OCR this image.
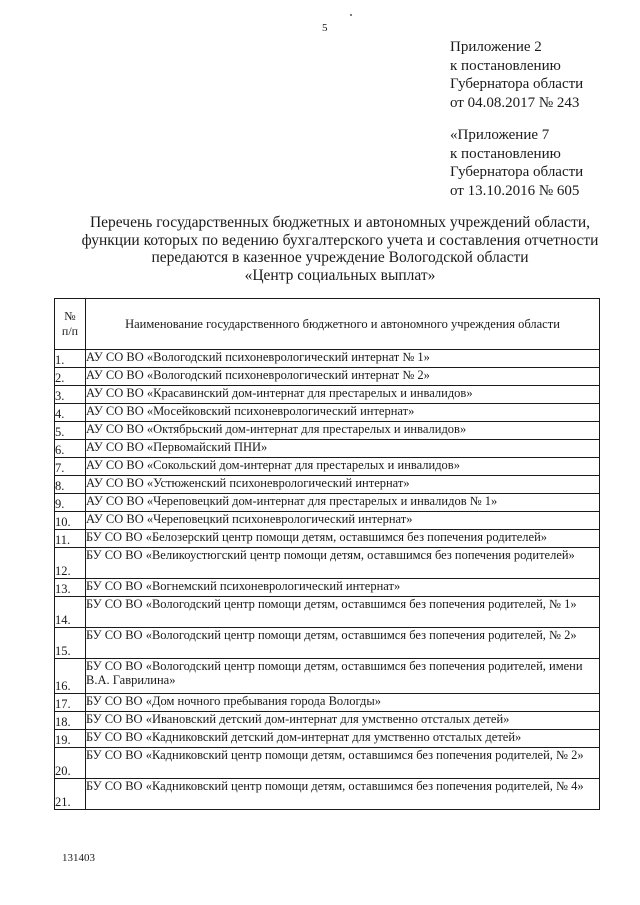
5
Приложение 2
к постановлению
Губернатора области
от 04.08.2017 № 243
«Приложение 7
к постановлению
Губернатора области
от 13.10.2016 № 605
Перечень государственных бюджетных и автономных учреждений области,
функции которых по ведению бухгалтерского учета и составления отчетности
передаются в казенное учреждение Вологодской области
«Центр социальных выплат»
№
п/п	Наименование государственного бюджетного и автономного учреждения области
1.	АУ СО ВО «Вологодский психоневрологический интернат № 1»
2.	АУ СО ВО «Вологодский психоневрологический интернат № 2»
3.	АУ СО ВО «Красавинский дом-интернат для престарелых и инвалидов»
4.	АУ СО ВО «Мосейковский психоневрологический интернат»
5.	АУ СО ВО «Октябрьский дом-интернат для престарелых и инвалидов»
6.	АУ СО ВО «Первомайский ПНИ»
7.	АУ СО ВО «Сокольский дом-интернат для престарелых и инвалидов»
8.	АУ СО ВО «Устюженский психоневрологический интернат»
9.	АУ СО ВО «Череповецкий дом-интернат для престарелых и инвалидов № 1»
10.	АУ СО ВО «Череповецкий психоневрологический интернат»
11.	БУ СО ВО «Белозерский центр помощи детям, оставшимся без попечения родителей»
12.	БУ СО ВО «Великоустюгский центр помощи детям, оставшимся без попечения родителей»
13.	БУ СО ВО «Вогнемский психоневрологический интернат»
14.	БУ СО ВО «Вологодский центр помощи детям, оставшимся без попечения родителей, № 1»
15.	БУ СО ВО «Вологодский центр помощи детям, оставшимся без попечения родителей, № 2»
16.	БУ СО ВО «Вологодский центр помощи детям, оставшимся без попечения родителей, имени В.А. Гаврилина»
17.	БУ СО ВО «Дом ночного пребывания города Вологды»
18.	БУ СО ВО «Ивановский детский дом-интернат для умственно отсталых детей»
19.	БУ СО ВО «Кадниковский детский дом-интернат для умственно отсталых детей»
20.	БУ СО ВО «Кадниковский центр помощи детям, оставшимся без попечения родителей, № 2»
21.	БУ СО ВО «Кадниковский центр помощи детям, оставшимся без попечения родителей, № 4»
131403
